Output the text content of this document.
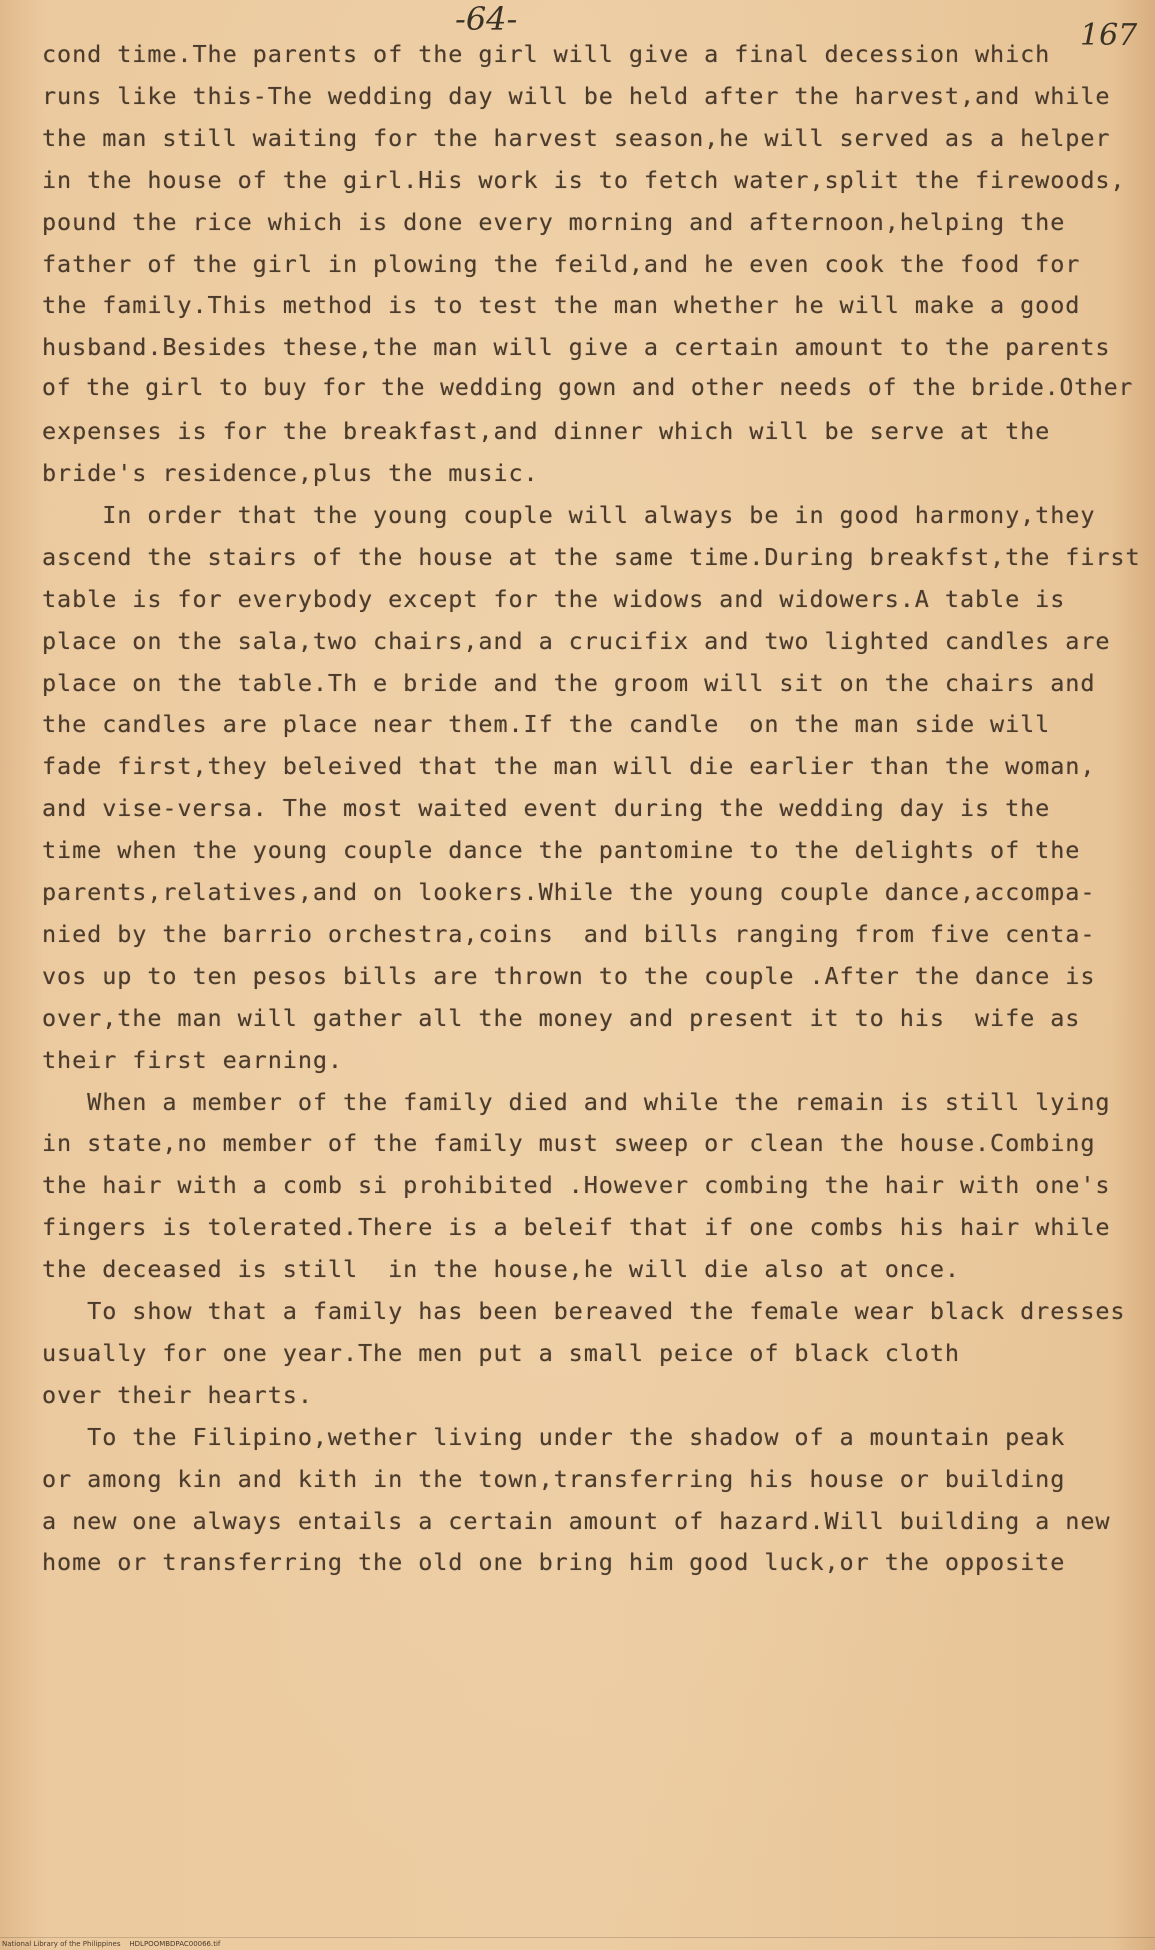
-64-	167
cond time.The parents of the girl will give a final decession which
runs like this-The wedding day will be held after the harvest,and while
the man still waiting for the harvest season,he will served as a helper
in the house of the girl.His work is to fetch water,split the firewoods,
pound the rice which is done every morning and afternoon,helping the
father of the girl in plowing the feild,and he even cook the food for
the family.This method is to test the man whether he will make a good
husband.Besides these,the man will give a certain amount to the parents
of the girl to buy for the wedding gown and other needs of the bride.Other
expenses is for the breakfast,and dinner which will be serve at the
bride's residence,plus the music.
In order that the young couple will always be in good harmony,they
ascend the stairs of the house at the same time.During breakfst,the first
table is for everybody except for the widows and widowers.A table is
place on the sala,two chairs,and a crucifix and two lighted candles are
place on the table.Th e bride and the groom will sit on the chairs and
the candles are place near them.If the candle  on the man side will
fade first,they beleived that the man will die earlier than the woman,
and vise-versa. The most waited event during the wedding day is the
time when the young couple dance the pantomine to the delights of the
parents,relatives,and on lookers.While the young couple dance,accompa-
nied by the barrio orchestra,coins  and bills ranging from five centa-
vos up to ten pesos bills are thrown to the couple .After the dance is
over,the man will gather all the money and present it to his  wife as
their first earning.
When a member of the family died and while the remain is still lying
in state,no member of the family must sweep or clean the house.Combing
the hair with a comb si prohibited .However combing the hair with one's
fingers is tolerated.There is a beleif that if one combs his hair while
the deceased is still  in the house,he will die also at once.
To show that a family has been bereaved the female wear black dresses
usually for one year.The men put a small peice of black cloth
over their hearts.
To the Filipino,wether living under the shadow of a mountain peak
or among kin and kith in the town,transferring his house or building
a new one always entails a certain amount of hazard.Will building a new
home or transferring the old one bring him good luck,or the opposite
National Library of the Philippines    HDLPOOMBDPAC00066.tif
